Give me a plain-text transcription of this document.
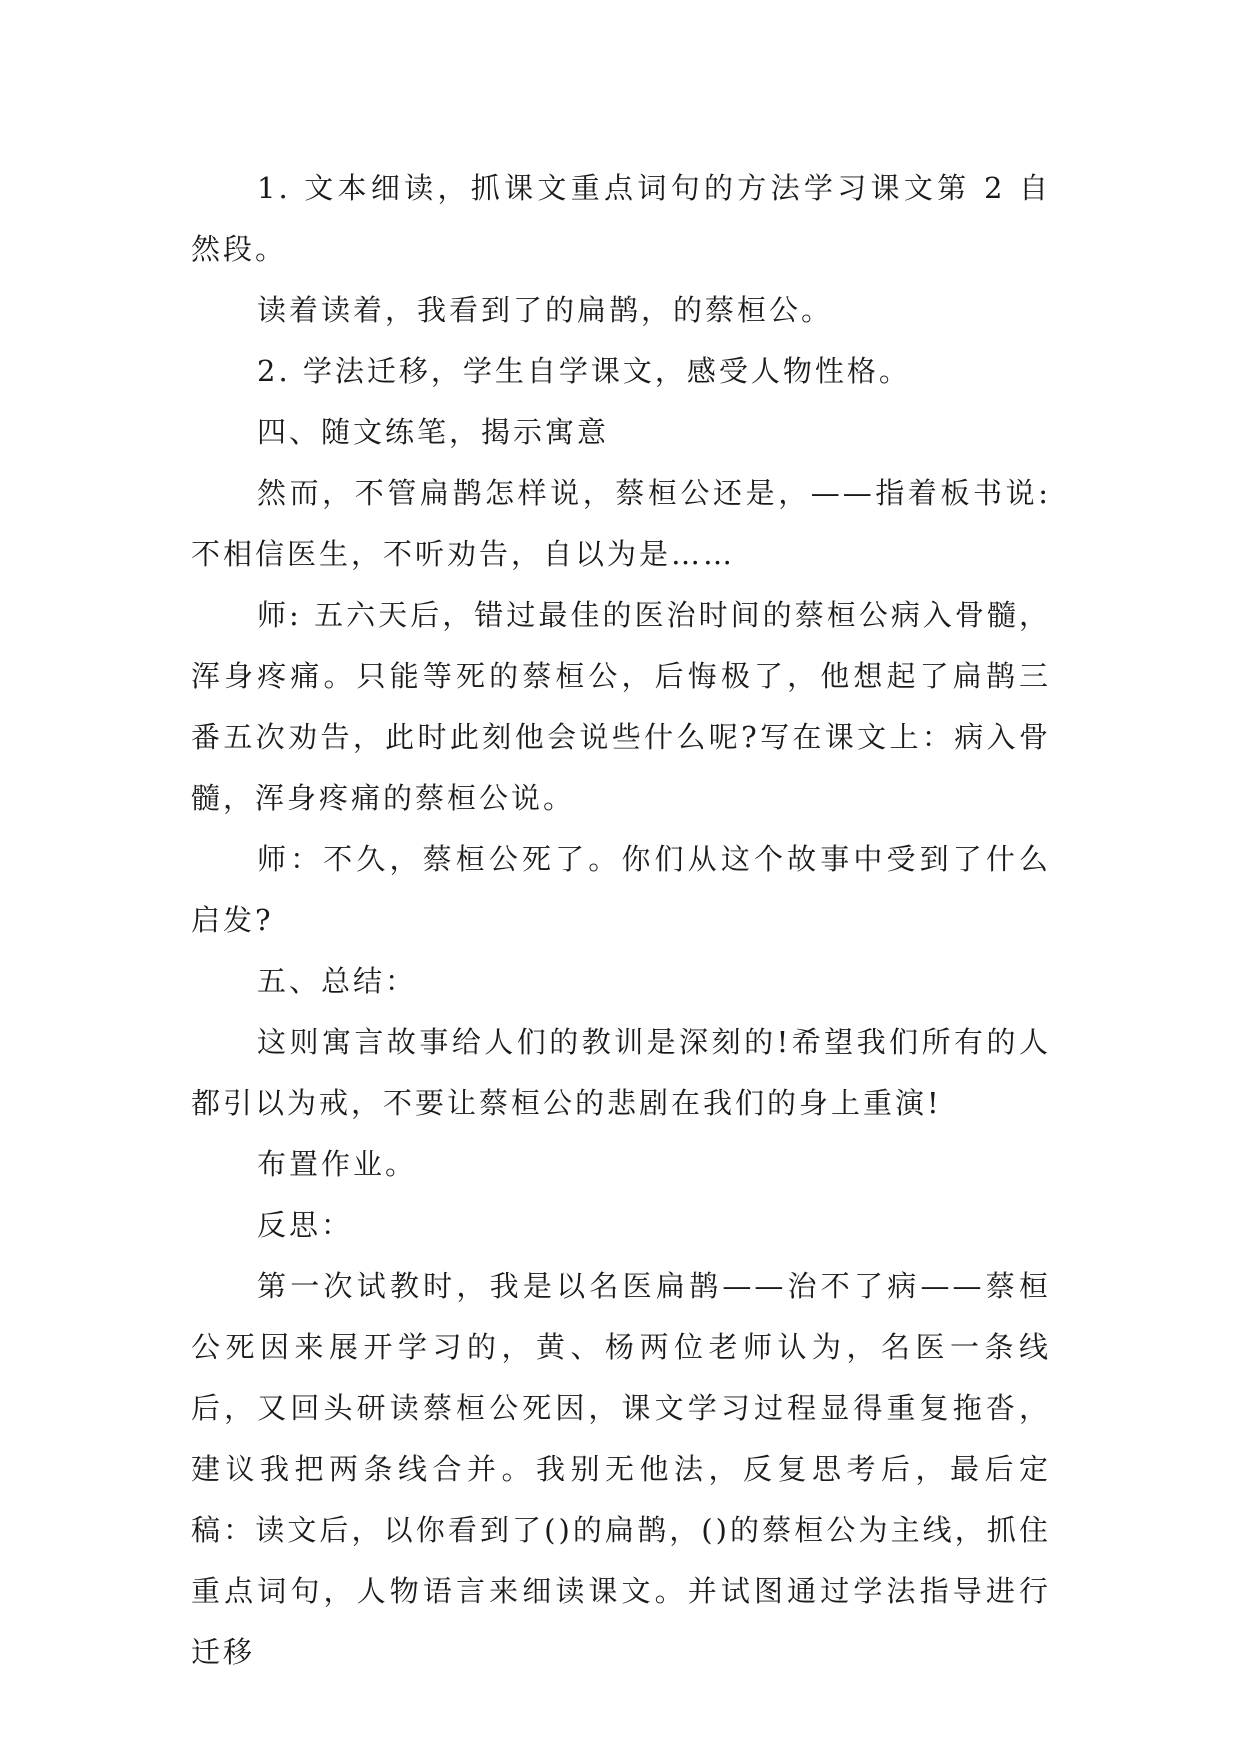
1. 文本细读，抓课文重点词句的方法学习课文第 2 自然段。

读着读着，我看到了的扁鹊，的蔡桓公。

2. 学法迁移，学生自学课文，感受人物性格。

四、随文练笔，揭示寓意

然而，不管扁鹊怎样说，蔡桓公还是，——指着板书说:不相信医生，不听劝告，自以为是……

师: 五六天后，错过最佳的医治时间的蔡桓公病入骨髓，浑身疼痛。只能等死的蔡桓公，后悔极了，他想起了扁鹊三番五次劝告，此时此刻他会说些什么呢?写在课文上：病入骨髓，浑身疼痛的蔡桓公说。

师：不久，蔡桓公死了。你们从这个故事中受到了什么启发?

五、总结：

这则寓言故事给人们的教训是深刻的!希望我们所有的人都引以为戒，不要让蔡桓公的悲剧在我们的身上重演!

布置作业。

反思：

第一次试教时，我是以名医扁鹊——治不了病——蔡桓公死因来展开学习的，黄、杨两位老师认为，名医一条线后，又回头研读蔡桓公死因，课文学习过程显得重复拖沓，建议我把两条线合并。我别无他法，反复思考后，最后定稿：读文后，以你看到了()的扁鹊，()的蔡桓公为主线，抓住重点词句，人物语言来细读课文。并试图通过学法指导进行迁移
